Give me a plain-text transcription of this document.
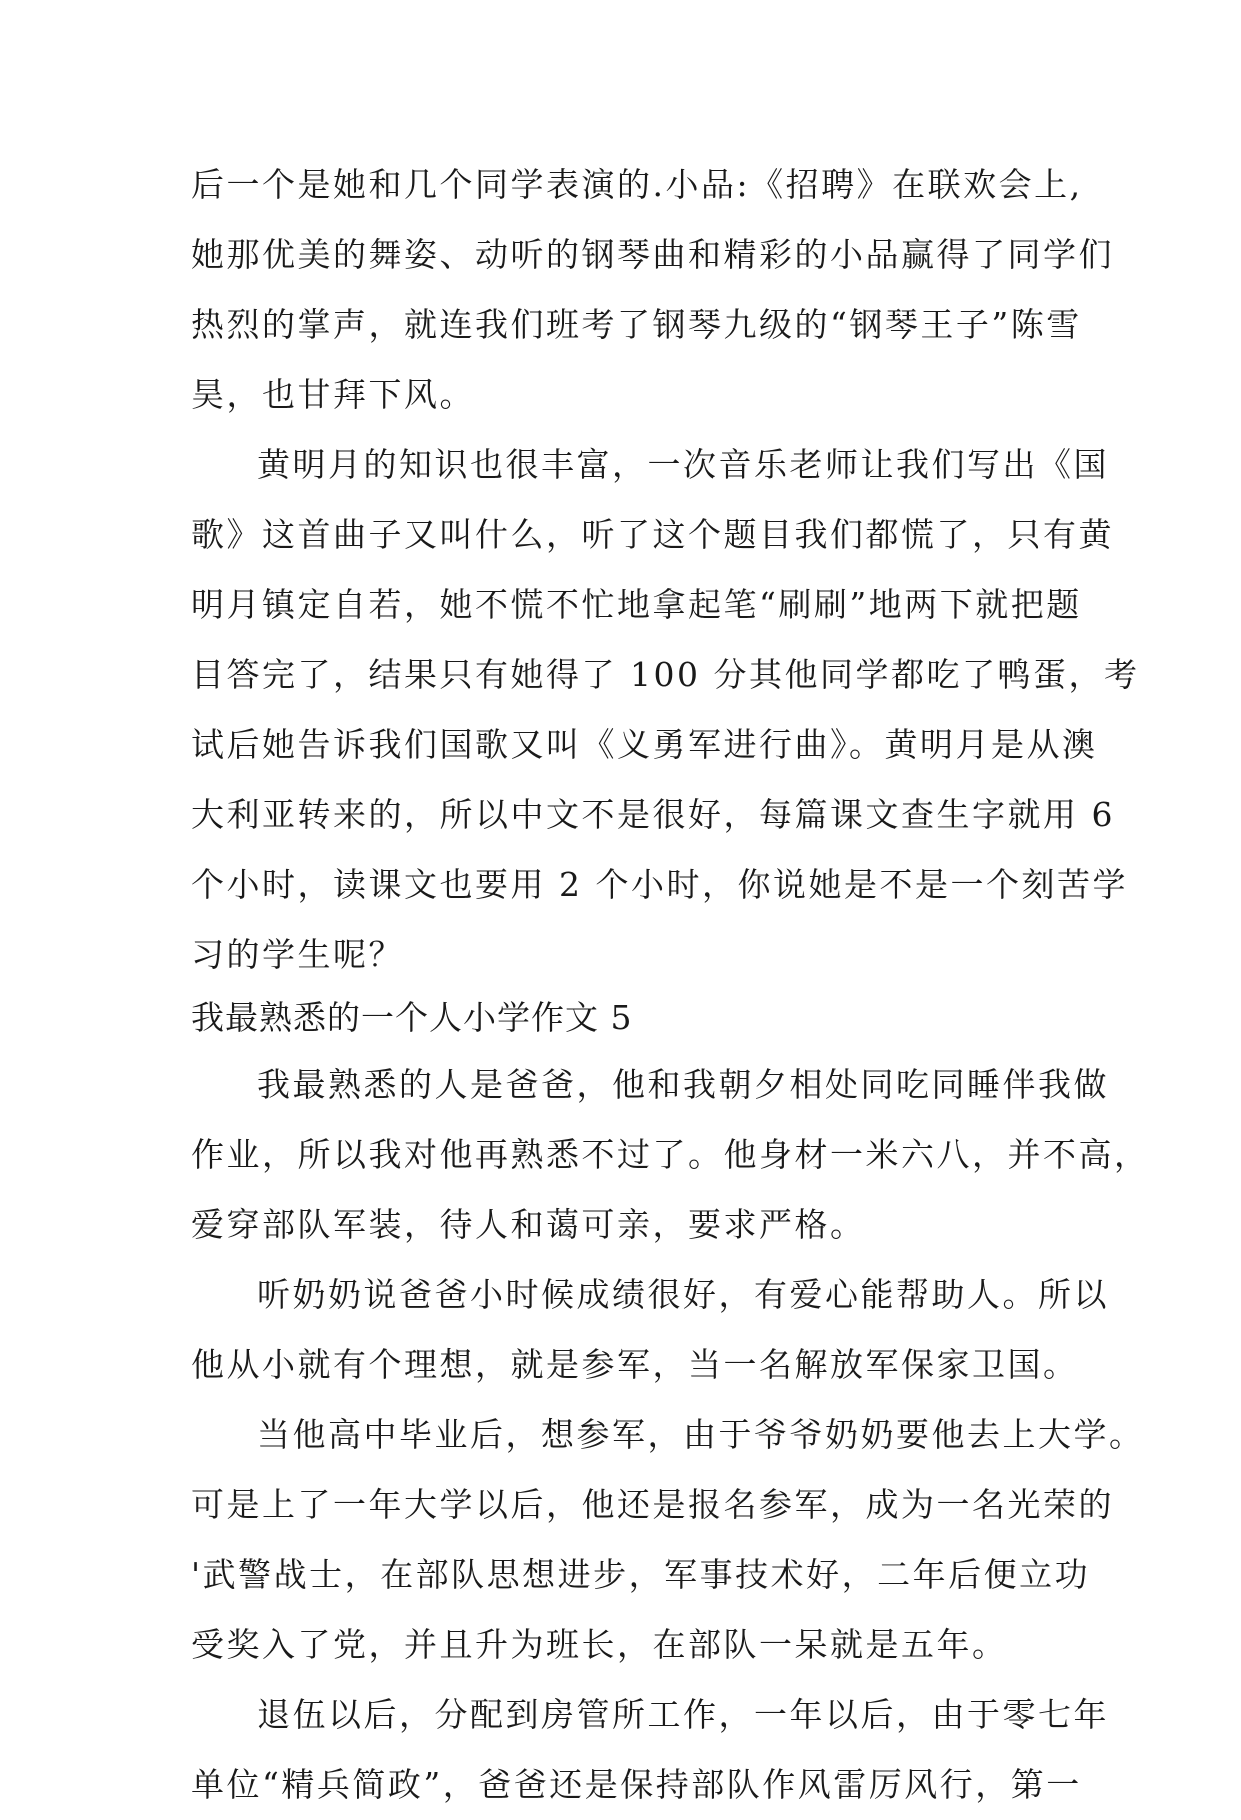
后一个是她和几个同学表演的.小品:《招聘》在联欢会上,
她那优美的舞姿、动听的钢琴曲和精彩的小品赢得了同学们
热烈的掌声，就连我们班考了钢琴九级的“钢琴王子”陈雪
昊，也甘拜下风。
黄明月的知识也很丰富，一次音乐老师让我们写出《国
歌》这首曲子又叫什么，听了这个题目我们都慌了，只有黄
明月镇定自若，她不慌不忙地拿起笔“刷刷”地两下就把题
目答完了，结果只有她得了 100 分其他同学都吃了鸭蛋，考
试后她告诉我们国歌又叫《义勇军进行曲》。黄明月是从澳
大利亚转来的，所以中文不是很好，每篇课文查生字就用 6
个小时，读课文也要用 2 个小时，你说她是不是一个刻苦学
习的学生呢？
我最熟悉的一个人小学作文 5
我最熟悉的人是爸爸，他和我朝夕相处同吃同睡伴我做
作业，所以我对他再熟悉不过了。他身材一米六八，并不高，
爱穿部队军装，待人和蔼可亲，要求严格。
听奶奶说爸爸小时候成绩很好，有爱心能帮助人。所以
他从小就有个理想，就是参军，当一名解放军保家卫国。
当他高中毕业后，想参军，由于爷爷奶奶要他去上大学。
可是上了一年大学以后，他还是报名参军，成为一名光荣的
'武警战士，在部队思想进步，军事技术好，二年后便立功
受奖入了党，并且升为班长，在部队一呆就是五年。
退伍以后，分配到房管所工作，一年以后，由于零七年
单位“精兵简政”，爸爸还是保持部队作风雷厉风行，第一
